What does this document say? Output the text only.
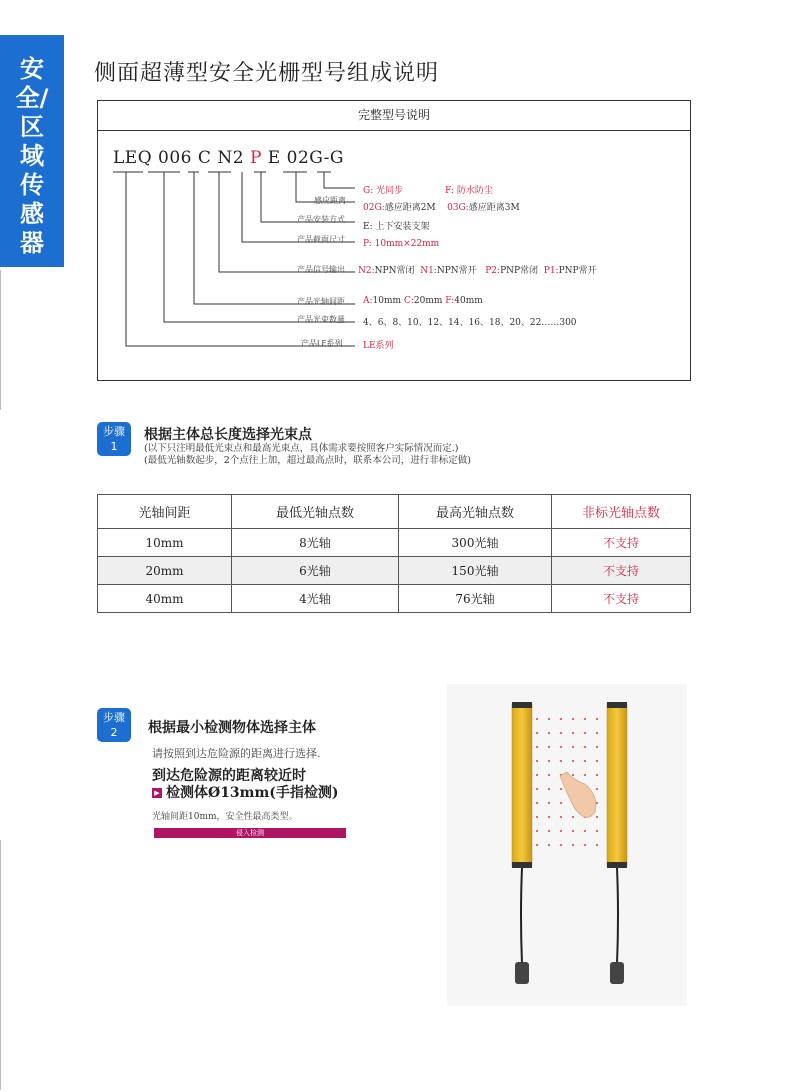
安全/区域传感器
侧面超薄型安全光栅型号组成说明
完整型号说明
LEQ 006 C N2 P E 02G-G
G: 光同步	F: 防水防尘
感应距离
02G:感应距离2M 03G:感应距离3M
产品安装方式
E: 上下安装支架
产品截面尺寸 P: 10mm×22mm
产品信号输出 N2:NPN常闭 N1:NPN常开 P2:PNP常闭 P1:PNP常开
产品光轴间距 A:10mm C:20mm F:40mm
产品光束数量 4、6、8、10、12、14、16、18、20、22……300
产品LE系列 LE系列
步骤
1
根据主体总长度选择光束点
(以下只注明最低光束点和最高光束点，具体需求要按照客户实际情况而定.)
(最低光轴数起步，2个点往上加，超过最高点时，联系本公司，进行非标定做)
光轴间距	最低光轴点数	最高光轴点数	非标光轴点数
10mm	8光轴	300光轴	不支持
20mm	6光轴	150光轴	不支持
40mm	4光轴	76光轴	不支持
步骤
2	根据最小检测物体选择主体
请按照到达危险源的距离进行选择.
到达危险源的距离较近时
▶ 检测体Ø13mm(手指检测)
光轴间距10mm，安全性最高类型。
侵入检测
